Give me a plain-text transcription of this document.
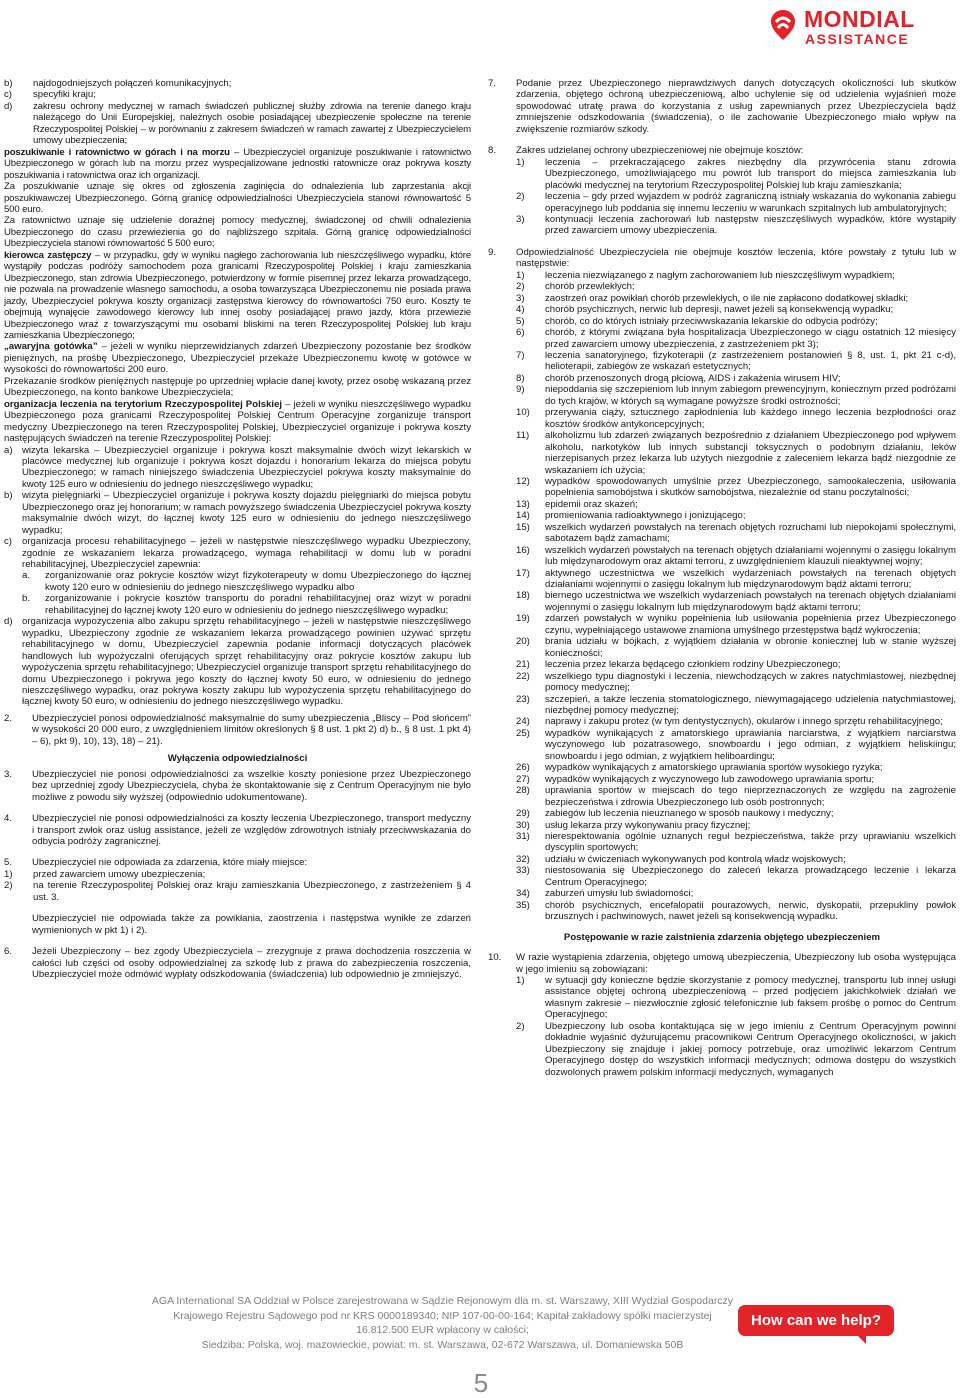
MONDIAL
ASSISTANCE
b) najdogodniejszych połączeń komunikacyjnych;
c) specyfiki kraju;
d) zakresu ochrony medycznej w ramach świadczeń publicznej służby zdrowia na terenie danego kraju należącego do Unii Europejskiej, należnych osobie posiadającej ubezpieczenie społeczne na terenie Rzeczypospolitej Polskiej – w porównaniu z zakresem świadczeń w ramach zawartej z Ubezpieczycielem umowy ubezpieczenia;
poszukiwanie i ratownictwo w górach i na morzu – Ubezpieczyciel organizuje poszukiwanie i ratownictwo Ubezpieczonego w górach lub na morzu przez wyspecjalizowane jednostki ratownicze oraz pokrywa koszty poszukiwania i ratownictwa oraz ich organizacji.
Za poszukiwanie uznaje się okres od zgłoszenia zaginięcia do odnalezienia lub zaprzestania akcji poszukiwawczej Ubezpieczonego. Górną granicę odpowiedzialności Ubezpieczyciela stanowi równowartość 5 500 euro.
Za ratownictwo uznaje się udzielenie doraźnej pomocy medycznej, świadczonej od chwili odnalezienia Ubezpieczonego do czasu przewiezienia go do najbliższego szpitala. Górną granicę odpowiedzialności Ubezpieczyciela stanowi równowartość 5 500 euro;
kierowca zastępczy – w przypadku, gdy w wyniku nagłego zachorowania lub nieszczęśliwego wypadku, które wystąpiły podczas podróży samochodem poza granicami Rzeczypospolitej Polskiej i kraju zamieszkania Ubezpieczonego, stan zdrowia Ubezpieczonego, potwierdzony w formie pisemnej przez lekarza prowadzącego, nie pozwala na prowadzenie własnego samochodu, a osoba towarzysząca Ubezpieczonemu nie posiada prawa jazdy, Ubezpieczyciel pokrywa koszty organizacji zastępstwa kierowcy do równowartości 750 euro. Koszty te obejmują wynajęcie zawodowego kierowcy lub innej osoby posiadającej prawo jazdy, która przewiezie Ubezpieczonego wraz z towarzyszącymi mu osobami bliskimi na teren Rzeczypospolitej Polskiej lub kraju zamieszkania Ubezpieczonego;
„awaryjna gotówka” – jeżeli w wyniku nieprzewidzianych zdarzeń Ubezpieczony pozostanie bez środków pieniężnych, na prośbę Ubezpieczonego, Ubezpieczyciel przekaże Ubezpieczonemu kwotę w gotówce w wysokości do równowartości 200 euro.
Przekazanie środków pieniężnych następuje po uprzedniej wpłacie danej kwoty, przez osobę wskazaną przez Ubezpieczonego, na konto bankowe Ubezpieczyciela;
organizacja leczenia na terytorium Rzeczypospolitej Polskiej – jeżeli w wyniku nieszczęśliwego wypadku Ubezpieczonego poza granicami Rzeczypospolitej Polskiej Centrum Operacyjne zorganizuje transport medyczny Ubezpieczonego na teren Rzeczypospolitej Polskiej, Ubezpieczyciel organizuje i pokrywa koszty następujących świadczeń na terenie Rzeczypospolitej Polskiej:
a) wizyta lekarska – Ubezpieczyciel organizuje i pokrywa koszt maksymalnie dwóch wizyt lekarskich w placówce medycznej lub organizuje i pokrywa koszt dojazdu i honorarium lekarza do miejsca pobytu Ubezpieczonego; w ramach niniejszego świadczenia Ubezpieczyciel pokrywa koszty maksymalnie do kwoty 125 euro w odniesieniu do jednego nieszczęśliwego wypadku;
b) wizyta pielęgniarki – Ubezpieczyciel organizuje i pokrywa koszty dojazdu pielęgniarki do miejsca pobytu Ubezpieczonego oraz jej honorarium; w ramach powyższego świadczenia Ubezpieczyciel pokrywa koszty maksymalnie dwóch wizyt, do łącznej kwoty 125 euro w odniesieniu do jednego nieszczęśliwego wypadku;
c) organizacja procesu rehabilitacyjnego – jeżeli w następstwie nieszczęśliwego wypadku Ubezpieczony, zgodnie ze wskazaniem lekarza prowadzącego, wymaga rehabilitacji w domu lub w poradni rehabilitacyjnej, Ubezpieczyciel zapewnia:
a. zorganizowanie oraz pokrycie kosztów wizyt fizykoterapeuty w domu Ubezpieczonego do łącznej kwoty 120 euro w odniesieniu do jednego nieszczęśliwego wypadku albo
b. zorganizowanie i pokrycie kosztów transportu do poradni rehabilitacyjnej oraz wizyt w poradni rehabilitacyjnej do łącznej kwoty 120 euro w odniesieniu do jednego nieszczęśliwego wypadku;
d) organizacja wypożyczenia albo zakupu sprzętu rehabilitacyjnego – jeżeli w następstwie nieszczęśliwego wypadku, Ubezpieczony zgodnie ze wskazaniem lekarza prowadzącego powinien używać sprzętu rehabilitacyjnego w domu, Ubezpieczyciel zapewnia podanie informacji dotyczących placówek handlowych lub wypożyczalni oferujących sprzęt rehabilitacyjny oraz pokrycie kosztów zakupu lub wypożyczenia sprzętu rehabilitacyjnego; Ubezpieczyciel organizuje transport sprzętu rehabilitacyjnego do domu Ubezpieczonego i pokrywa jego koszty do łącznej kwoty 50 euro, w odniesieniu do jednego nieszczęśliwego wypadku, oraz pokrywa koszty zakupu lub wypożyczenia sprzętu rehabilitacyjnego do łącznej kwoty 50 euro, w odniesieniu do jednego nieszczęśliwego wypadku.
2. Ubezpieczyciel ponosi odpowiedzialność maksymalnie do sumy ubezpieczenia „Bliscy – Pod słońcem” w wysokości 20 000 euro, z uwzględnieniem limitów określonych § 8 ust. 1 pkt 2) d) b., § 8 ust. 1 pkt 4) – 6), pkt 9), 10), 13), 18) – 21).
Wyłączenia odpowiedzialności
3. Ubezpieczyciel nie ponosi odpowiedzialności za wszelkie koszty poniesione przez Ubezpieczonego bez uprzedniej zgody Ubezpieczyciela, chyba że skontaktowanie się z Centrum Operacyjnym nie było możliwe z powodu siły wyższej (odpowiednio udokumentowane).
4. Ubezpieczyciel nie ponosi odpowiedzialności za koszty leczenia Ubezpieczonego, transport medyczny i transport zwłok oraz usług assistance, jeżeli ze względów zdrowotnych istniały przeciwwskazania do odbycia podróży zagranicznej.
5. Ubezpieczyciel nie odpowiada za zdarzenia, które miały miejsce:
1) przed zawarciem umowy ubezpieczenia;
2) na terenie Rzeczypospolitej Polskiej oraz kraju zamieszkania Ubezpieczonego, z zastrzeżeniem § 4 ust. 3.
Ubezpieczyciel nie odpowiada także za powikłania, zaostrzenia i następstwa wynikłe ze zdarzeń wymienionych w pkt 1) i 2).
6. Jeżeli Ubezpieczony – bez zgody Ubezpieczyciela – zrezygnuje z prawa dochodzenia roszczenia w całości lub części od osoby odpowiedzialnej za szkodę lub z prawa do zabezpieczenia roszczenia, Ubezpieczyciel może odmówić wypłaty odszkodowania (świadczenia) lub odpowiednio je zmniejszyć.
7. Podanie przez Ubezpieczonego nieprawdziwych danych dotyczących okoliczności lub skutków zdarzenia, objętego ochroną ubezpieczeniową, albo uchylenie się od udzielenia wyjaśnień może spowodować utratę prawa do korzystania z usług zapewnianych przez Ubezpieczyciela bądź zmniejszenie odszkodowania (świadczenia), o ile zachowanie Ubezpieczonego miało wpływ na zwiększenie rozmiarów szkody.
8. Zakres udzielanej ochrony ubezpieczeniowej nie obejmuje kosztów:
1) leczenia – przekraczającego zakres niezbędny dla przywrócenia stanu zdrowia Ubezpieczonego, umożliwiającego mu powrót lub transport do miejsca zamieszkania lub placówki medycznej na terytorium Rzeczypospolitej Polskiej lub kraju zamieszkania;
2) leczenia – gdy przed wyjazdem w podróż zagraniczną istniały wskazania do wykonania zabiegu operacyjnego lub poddania się innemu leczeniu w warunkach szpitalnych lub ambulatoryjnych;
3) kontynuacji leczenia zachorowań lub następstw nieszczęśliwych wypadków, które wystąpiły przed zawarciem umowy ubezpieczenia.
9. Odpowiedzialność Ubezpieczyciela nie obejmuje kosztów leczenia, które powstały z tytułu lub w następstwie:
1) leczenia niezwiązanego z nagłym zachorowaniem lub nieszczęśliwym wypadkiem;
2) chorób przewlekłych;
3) zaostrzeń oraz powikłań chorób przewlekłych, o ile nie zapłacono dodatkowej składki;
4) chorób psychicznych, nerwic lub depresji, nawet jeżeli są konsekwencją wypadku;
5) chorób, co do których istniały przeciwwskazania lekarskie do odbycia podróży;
6) chorób, z którymi związana była hospitalizacja Ubezpieczonego w ciągu ostatnich 12 miesięcy przed zawarciem umowy ubezpieczenia, z zastrzeżeniem pkt 3);
7) leczenia sanatoryjnego, fizykoterapii (z zastrzeżeniem postanowień § 8, ust. 1, pkt 21 c-d), helioterapii, zabiegów ze wskazań estetycznych;
8) chorób przenoszonych drogą płciową, AIDS i zakażenia wirusem HIV;
9) niepoddania się szczepieniom lub innym zabiegom prewencyjnym, koniecznym przed podróżami do tych krajów, w których są wymagane powyższe środki ostrożności;
10) przerywania ciąży, sztucznego zapłodnienia lub każdego innego leczenia bezpłodności oraz kosztów środków antykoncepcyjnych;
11) alkoholizmu lub zdarzeń związanych bezpośrednio z działaniem Ubezpieczonego pod wpływem alkoholu, narkotyków lub innych substancji toksycznych o podobnym działaniu, leków nierzepisanych przez lekarza lub użytych niezgodnie z zaleceniem lekarza bądź niezgodnie ze wskazaniem ich użycia;
12) wypadków spowodowanych umyślnie przez Ubezpieczonego, samookaleczenia, usiłowania popełnienia samobójstwa i skutków samobójstwa, niezależnie od stanu poczytalności;
13) epidemii oraz skażeń;
14) promieniowania radioaktywnego i jonizującego;
15) wszelkich wydarzeń powstałych na terenach objętych rozruchami lub niepokojami społecznymi, sabotażem bądź zamachami;
16) wszelkich wydarzeń powstałych na terenach objętych działaniami wojennymi o zasięgu lokalnym lub międzynarodowym oraz aktami terroru, z uwzględnieniem klauzuli nieaktywnej wojny;
17) aktywnego uczestnictwa we wszelkich wydarzeniach powstałych na terenach objętych działaniami wojennymi o zasięgu lokalnym lub międzynarodowym bądź aktami terroru;
18) biernego uczestnictwa we wszelkich wydarzeniach powstałych na terenach objętych działaniami wojennymi o zasięgu lokalnym lub międzynarodowym bądź aktami terroru;
19) zdarzeń powstałych w wyniku popełnienia lub usiłowania popełnienia przez Ubezpieczonego czynu, wypełniającego ustawowe znamiona umyślnego przestępstwa bądź wykroczenia;
20) brania udziału w bójkach, z wyjątkiem działania w obronie koniecznej lub w stanie wyższej konieczności;
21) leczenia przez lekarza będącego członkiem rodziny Ubezpieczonego;
22) wszelkiego typu diagnostyki i leczenia, niewchodzących w zakres natychmiastowej, niezbędnej pomocy medycznej;
23) szczepień, a także leczenia stomatologicznego, niewymagającego udzielenia natychmiastowej, niezbędnej pomocy medycznej;
24) naprawy i zakupu protez (w tym dentystycznych), okularów i innego sprzętu rehabilitacyjnego;
25) wypadków wynikających z amatorskiego uprawiania narciarstwa, z wyjątkiem narciarstwa wyczynowego lub pozatrasowego, snowboardu i jego odmian, z wyjątkiem heliskiingu; snowboardu i jego odmian, z wyjątkiem heliboardingu;
26) wypadków wynikających z amatorskiego uprawiania sportów wysokiego ryzyka;
27) wypadków wynikających z wyczynowego lub zawodowego uprawiania sportu;
28) uprawiania sportów w miejscach do tego nieprzeznaczonych ze względu na zagrożenie bezpieczeństwa i zdrowia Ubezpieczonego lub osób postronnych;
29) zabiegów lub leczenia nieuznanego w sposób naukowy i medyczny;
30) usług lekarza przy wykonywaniu pracy fizycznej;
31) nierespektowania ogólnie uznanych reguł bezpieczeństwa, także przy uprawianiu wszelkich dyscyplin sportowych;
32) udziału w ćwiczeniach wykonywanych pod kontrolą władz wojskowych;
33) niestosowania się Ubezpieczonego do zaleceń lekarza prowadzącego leczenie i lekarza Centrum Operacyjnego;
34) zaburzeń umysłu lub świadomości;
35) chorób psychicznych, encefalopatii pourazowych, nerwic, dyskopatii, przepukliny powłok brzusznych i pachwinowych, nawet jeżeli są konsekwencją wypadku.
Postępowanie w razie zaistnienia zdarzenia objętego ubezpieczeniem
10. W razie wystąpienia zdarzenia, objętego umową ubezpieczenia, Ubezpieczony lub osoba występująca w jego imieniu są zobowiązani:
1) w sytuacji gdy konieczne będzie skorzystanie z pomocy medycznej, transportu lub innej usługi assistance objętej ochroną ubezpieczeniową – przed podjęciem jakichkolwiek działań we własnym zakresie – niezwłocznie zgłosić telefonicznie lub faksem prośbę o pomoc do Centrum Operacyjnego;
2) Ubezpieczony lub osoba kontaktująca się w jego imieniu z Centrum Operacyjnym powinni dokładnie wyjaśnić dyżurującemu pracownikowi Centrum Operacyjnego okoliczności, w jakich Ubezpieczony się znajduje i jakiej pomocy potrzebuje, oraz umożliwić lekarzom Centrum Operacyjnego dostęp do wszystkich informacji medycznych; odmowa dostępu do wszystkich dozwolonych prawem polskim informacji medycznych, wymaganych
AGA International SA Oddział w Polsce zarejestrowana w Sądzie Rejonowym dla m. st. Warszawy, XIII Wydział Gospodarczy
Krajowego Rejestru Sądowego pod nr KRS 0000189340; NIP 107-00-00-164; Kapitał zakładowy spółki macierzystej 16.812.500 EUR wpłacony w całości;
Siedziba: Polska, woj. mazowieckie, powiat: m. st. Warszawa, 02-672 Warszawa, ul. Domaniewska 50B
How can we help?
5
